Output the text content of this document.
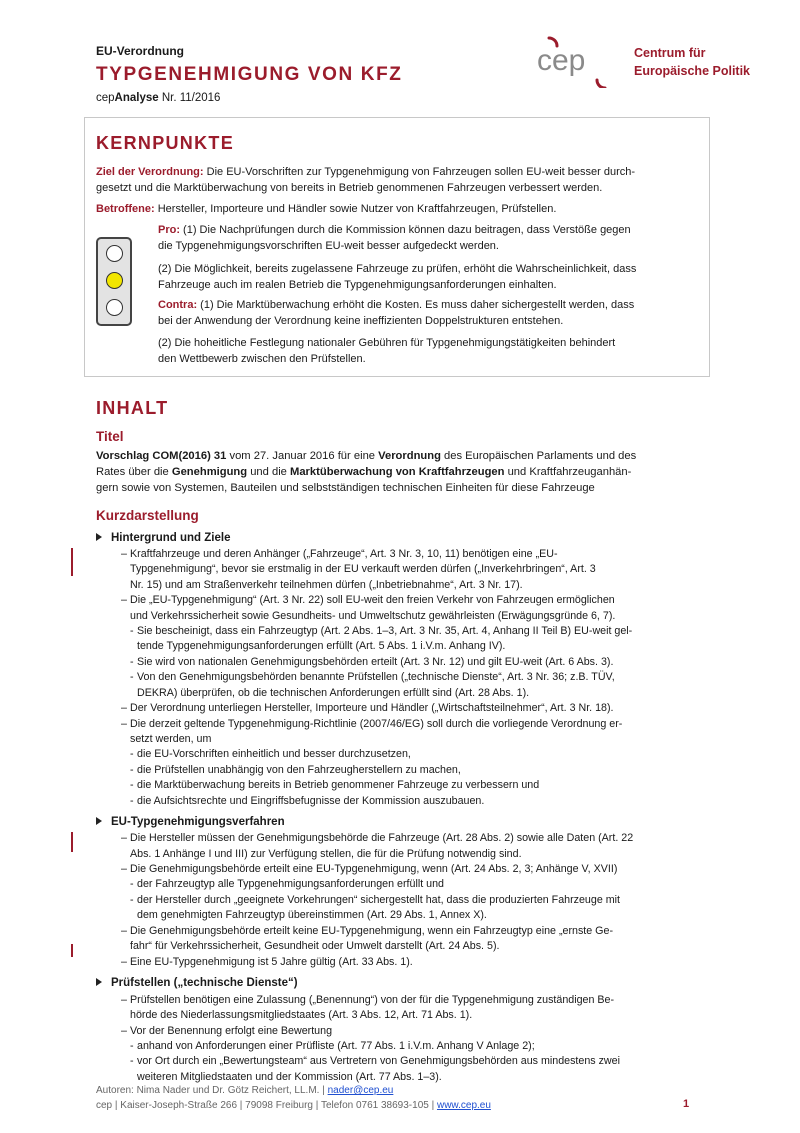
EU-Verordnung
TYPGENEHMIGUNG VON KFZ
cepAnalyse Nr. 11/2016
cep	Centrum für
Europäische Politik
KERNPUNKTE
Ziel der Verordnung: Die EU-Vorschriften zur Typgenehmigung von Fahrzeugen sollen EU-weit besser durch-
gesetzt und die Marktüberwachung von bereits in Betrieb genommenen Fahrzeugen verbessert werden.
Betroffene: Hersteller, Importeure und Händler sowie Nutzer von Kraftfahrzeugen, Prüfstellen.
Pro: (1) Die Nachprüfungen durch die Kommission können dazu beitragen, dass Verstöße gegen
die Typgenehmigungsvorschriften EU-weit besser aufgedeckt werden.
(2) Die Möglichkeit, bereits zugelassene Fahrzeuge zu prüfen, erhöht die Wahrscheinlichkeit, dass
Fahrzeuge auch im realen Betrieb die Typgenehmigungsanforderungen einhalten.
Contra: (1) Die Marktüberwachung erhöht die Kosten. Es muss daher sichergestellt werden, dass
bei der Anwendung der Verordnung keine ineffizienten Doppelstrukturen entstehen.
(2) Die hoheitliche Festlegung nationaler Gebühren für Typgenehmigungstätigkeiten behindert
den Wettbewerb zwischen den Prüfstellen.
INHALT
Titel
Vorschlag COM(2016) 31 vom 27. Januar 2016 für eine Verordnung des Europäischen Parlaments und des
Rates über die Genehmigung und die Marktüberwachung von Kraftfahrzeugen und Kraftfahrzeuganhän-
gern sowie von Systemen, Bauteilen und selbstständigen technischen Einheiten für diese Fahrzeuge
Kurzdarstellung
Hintergrund und Ziele
– Kraftfahrzeuge und deren Anhänger („Fahrzeuge“, Art. 3 Nr. 3, 10, 11) benötigen eine „EU-
Typgenehmigung“, bevor sie erstmalig in der EU verkauft werden dürfen („Inverkehrbringen“, Art. 3
Nr. 15) und am Straßenverkehr teilnehmen dürfen („Inbetriebnahme“, Art. 3 Nr. 17).
– Die „EU-Typgenehmigung“ (Art. 3 Nr. 22) soll EU-weit den freien Verkehr von Fahrzeugen ermöglichen
und Verkehrssicherheit sowie Gesundheits- und Umweltschutz gewährleisten (Erwägungsgründe 6, 7).
- Sie bescheinigt, dass ein Fahrzeugtyp (Art. 2 Abs. 1–3, Art. 3 Nr. 35, Art. 4, Anhang II Teil B) EU-weit gel-
tende Typgenehmigungsanforderungen erfüllt (Art. 5 Abs. 1 i.V.m. Anhang IV).
- Sie wird von nationalen Genehmigungsbehörden erteilt (Art. 3 Nr. 12) und gilt EU-weit (Art. 6 Abs. 3).
- Von den Genehmigungsbehörden benannte Prüfstellen („technische Dienste“, Art. 3 Nr. 36; z.B. TÜV,
DEKRA) überprüfen, ob die technischen Anforderungen erfüllt sind (Art. 28 Abs. 1).
– Der Verordnung unterliegen Hersteller, Importeure und Händler („Wirtschaftsteilnehmer“, Art. 3 Nr. 18).
– Die derzeit geltende Typgenehmigung-Richtlinie (2007/46/EG) soll durch die vorliegende Verordnung er-
setzt werden, um
- die EU-Vorschriften einheitlich und besser durchzusetzen,
- die Prüfstellen unabhängig von den Fahrzeugherstellern zu machen,
- die Marktüberwachung bereits in Betrieb genommener Fahrzeuge zu verbessern und
- die Aufsichtsrechte und Eingriffsbefugnisse der Kommission auszubauen.
EU-Typgenehmigungsverfahren
– Die Hersteller müssen der Genehmigungsbehörde die Fahrzeuge (Art. 28 Abs. 2) sowie alle Daten (Art. 22
Abs. 1 Anhänge I und III) zur Verfügung stellen, die für die Prüfung notwendig sind.
– Die Genehmigungsbehörde erteilt eine EU-Typgenehmigung, wenn (Art. 24 Abs. 2, 3; Anhänge V, XVII)
- der Fahrzeugtyp alle Typgenehmigungsanforderungen erfüllt und
- der Hersteller durch „geeignete Vorkehrungen“ sichergestellt hat, dass die produzierten Fahrzeuge mit
dem genehmigten Fahrzeugtyp übereinstimmen (Art. 29 Abs. 1, Annex X).
– Die Genehmigungsbehörde erteilt keine EU-Typgenehmigung, wenn ein Fahrzeugtyp eine „ernste Ge-
fahr“ für Verkehrssicherheit, Gesundheit oder Umwelt darstellt (Art. 24 Abs. 5).
– Eine EU-Typgenehmigung ist 5 Jahre gültig (Art. 33 Abs. 1).
Prüfstellen („technische Dienste“)
– Prüfstellen benötigen eine Zulassung („Benennung“) von der für die Typgenehmigung zuständigen Be-
hörde des Niederlassungsmitgliedstaates (Art. 3 Abs. 12, Art. 71 Abs. 1).
– Vor der Benennung erfolgt eine Bewertung
- anhand von Anforderungen einer Prüfliste (Art. 77 Abs. 1 i.V.m. Anhang V Anlage 2);
- vor Ort durch ein „Bewertungsteam“ aus Vertretern von Genehmigungsbehörden aus mindestens zwei
weiteren Mitgliedstaaten und der Kommission (Art. 77 Abs. 1–3).
Autoren: Nima Nader und Dr. Götz Reichert, LL.M. | nader@cep.eu
cep | Kaiser-Joseph-Straße 266 | 79098 Freiburg | Telefon 0761 38693-105 | www.cep.eu	1
